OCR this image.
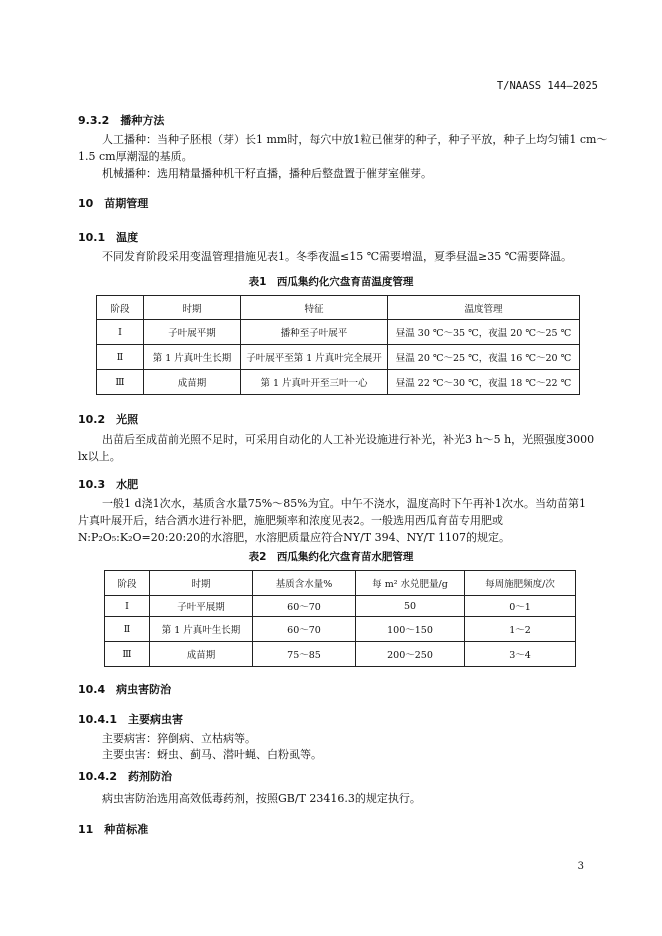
T/NAASS 144—2025
9.3.2　播种方法
人工播种：当种子胚根（芽）长1 mm时，每穴中放1粒已催芽的种子，种子平放，种子上均匀铺1 cm～
1.5 cm厚潮湿的基质。
机械播种：选用精量播种机干籽直播，播种后整盘置于催芽室催芽。
10　苗期管理
10.1　温度
不同发育阶段采用变温管理措施见表1。冬季夜温≤15 ℃需要增温，夏季昼温≥35 ℃需要降温。
表1　西瓜集约化穴盘育苗温度管理
阶段	时期	特征	温度管理
Ⅰ	子叶展平期	播种至子叶展平	昼温 30 ℃～35 ℃，夜温 20 ℃～25 ℃
Ⅱ	第 1 片真叶生长期	子叶展平至第 1 片真叶完全展开	昼温 20 ℃～25 ℃，夜温 16 ℃～20 ℃
Ⅲ	成苗期	第 1 片真叶开至三叶一心	昼温 22 ℃～30 ℃，夜温 18 ℃～22 ℃
10.2　光照
出苗后至成苗前光照不足时，可采用自动化的人工补光设施进行补光，补光3 h～5 h，光照强度3000
lx以上。
10.3　水肥
一般1 d浇1次水，基质含水量75%～85%为宜。中午不浇水，温度高时下午再补1次水。当幼苗第1片真叶展开后，结合洒水进行补肥，施肥频率和浓度见表2。一般选用西瓜育苗专用肥或
N:P₂O₅:K₂O=20:20:20的水溶肥，水溶肥质量应符合NY/T 394、NY/T 1107的规定。
表2　西瓜集约化穴盘育苗水肥管理
阶段	时期	基质含水量%	每 m² 水兑肥量/g	每周施肥频度/次
Ⅰ	子叶平展期	60～70	50	0～1
Ⅱ	第 1 片真叶生长期	60～70	100～150	1～2
Ⅲ	成苗期	75～85	200～250	3～4
10.4　病虫害防治
10.4.1　主要病虫害
主要病害：猝倒病、立枯病等。
主要虫害：蚜虫、蓟马、潜叶蝇、白粉虱等。
10.4.2　药剂防治
病虫害防治选用高效低毒药剂，按照GB/T 23416.3的规定执行。
11　种苗标准
3
